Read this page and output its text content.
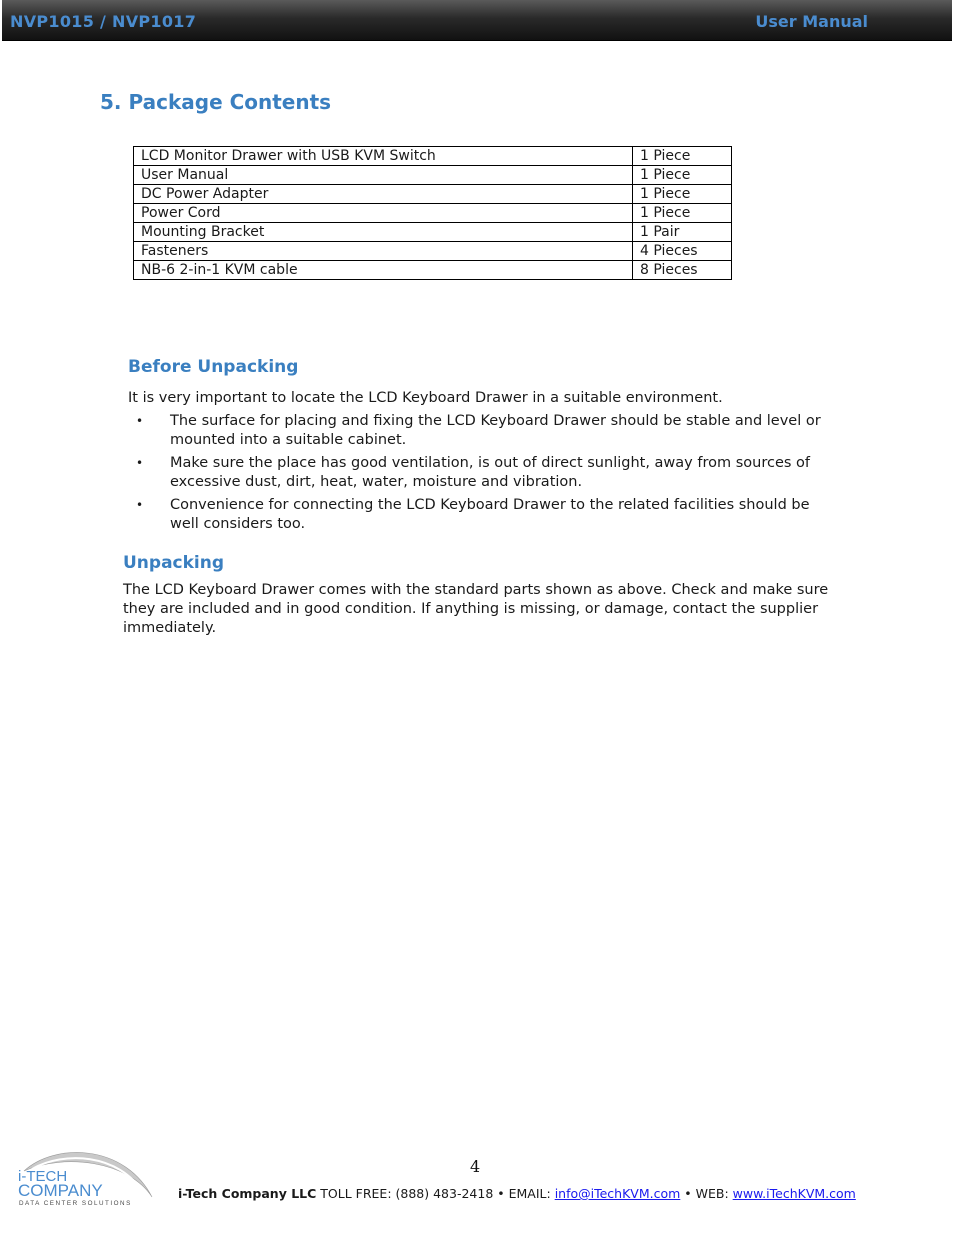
NVP1015 / NVP1017	User Manual
5. Package Contents
LCD Monitor Drawer with USB KVM Switch	1 Piece
User Manual	1 Piece
DC Power Adapter	1 Piece
Power Cord	1 Piece
Mounting Bracket	1 Pair
Fasteners	4 Pieces
NB-6 2-in-1 KVM cable	8 Pieces
Before Unpacking
It is very important to locate the LCD Keyboard Drawer in a suitable environment.
• The surface for placing and fixing the LCD Keyboard Drawer should be stable and level or mounted into a suitable cabinet.
• Make sure the place has good ventilation, is out of direct sunlight, away from sources of excessive dust, dirt, heat, water, moisture and vibration.
• Convenience for connecting the LCD Keyboard Drawer to the related facilities should be well considers too.
Unpacking
The LCD Keyboard Drawer comes with the standard parts shown as above. Check and make sure they are included and in good condition. If anything is missing, or damage, contact the supplier immediately.
4
i-TECH
COMPANY
DATA CENTER SOLUTIONS
i-Tech Company LLC TOLL FREE: (888) 483-2418 • EMAIL: info@iTechKVM.com • WEB: www.iTechKVM.com
